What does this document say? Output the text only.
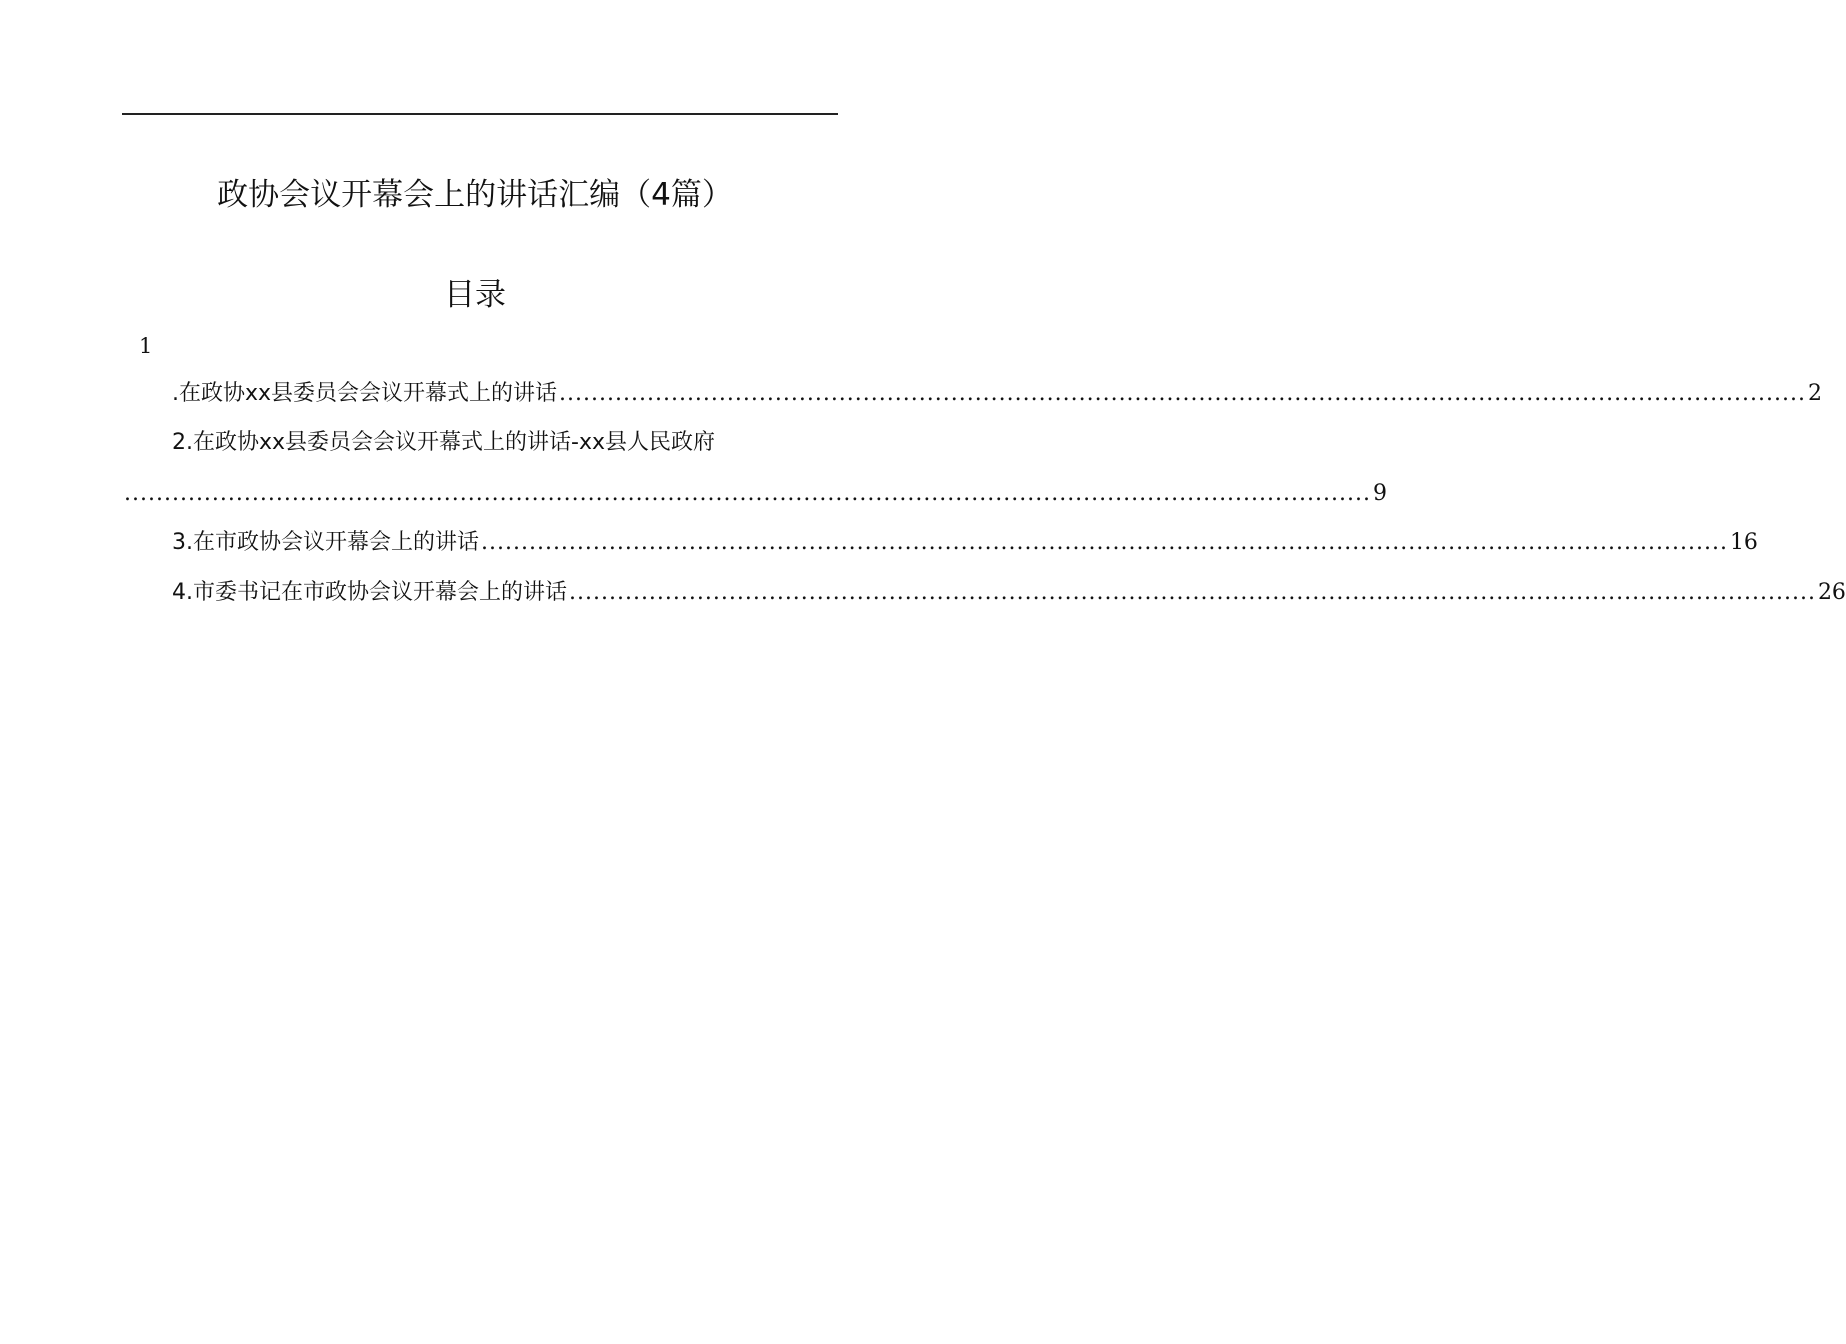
政协会议开幕会上的讲话汇编（4篇）
目录
1
.在政协xx县委员会会议开幕式上的讲话 ............................................................................................................................................................ 2
2.在政协xx县委员会会议开幕式上的讲话-xx县人民政府
............................................................................................................................................................ 9
3.在市政协会议开幕会上的讲话 ............................................................................................................................................................ 16
4.市委书记在市政协会议开幕会上的讲话 ............................................................................................................................................................ 26
